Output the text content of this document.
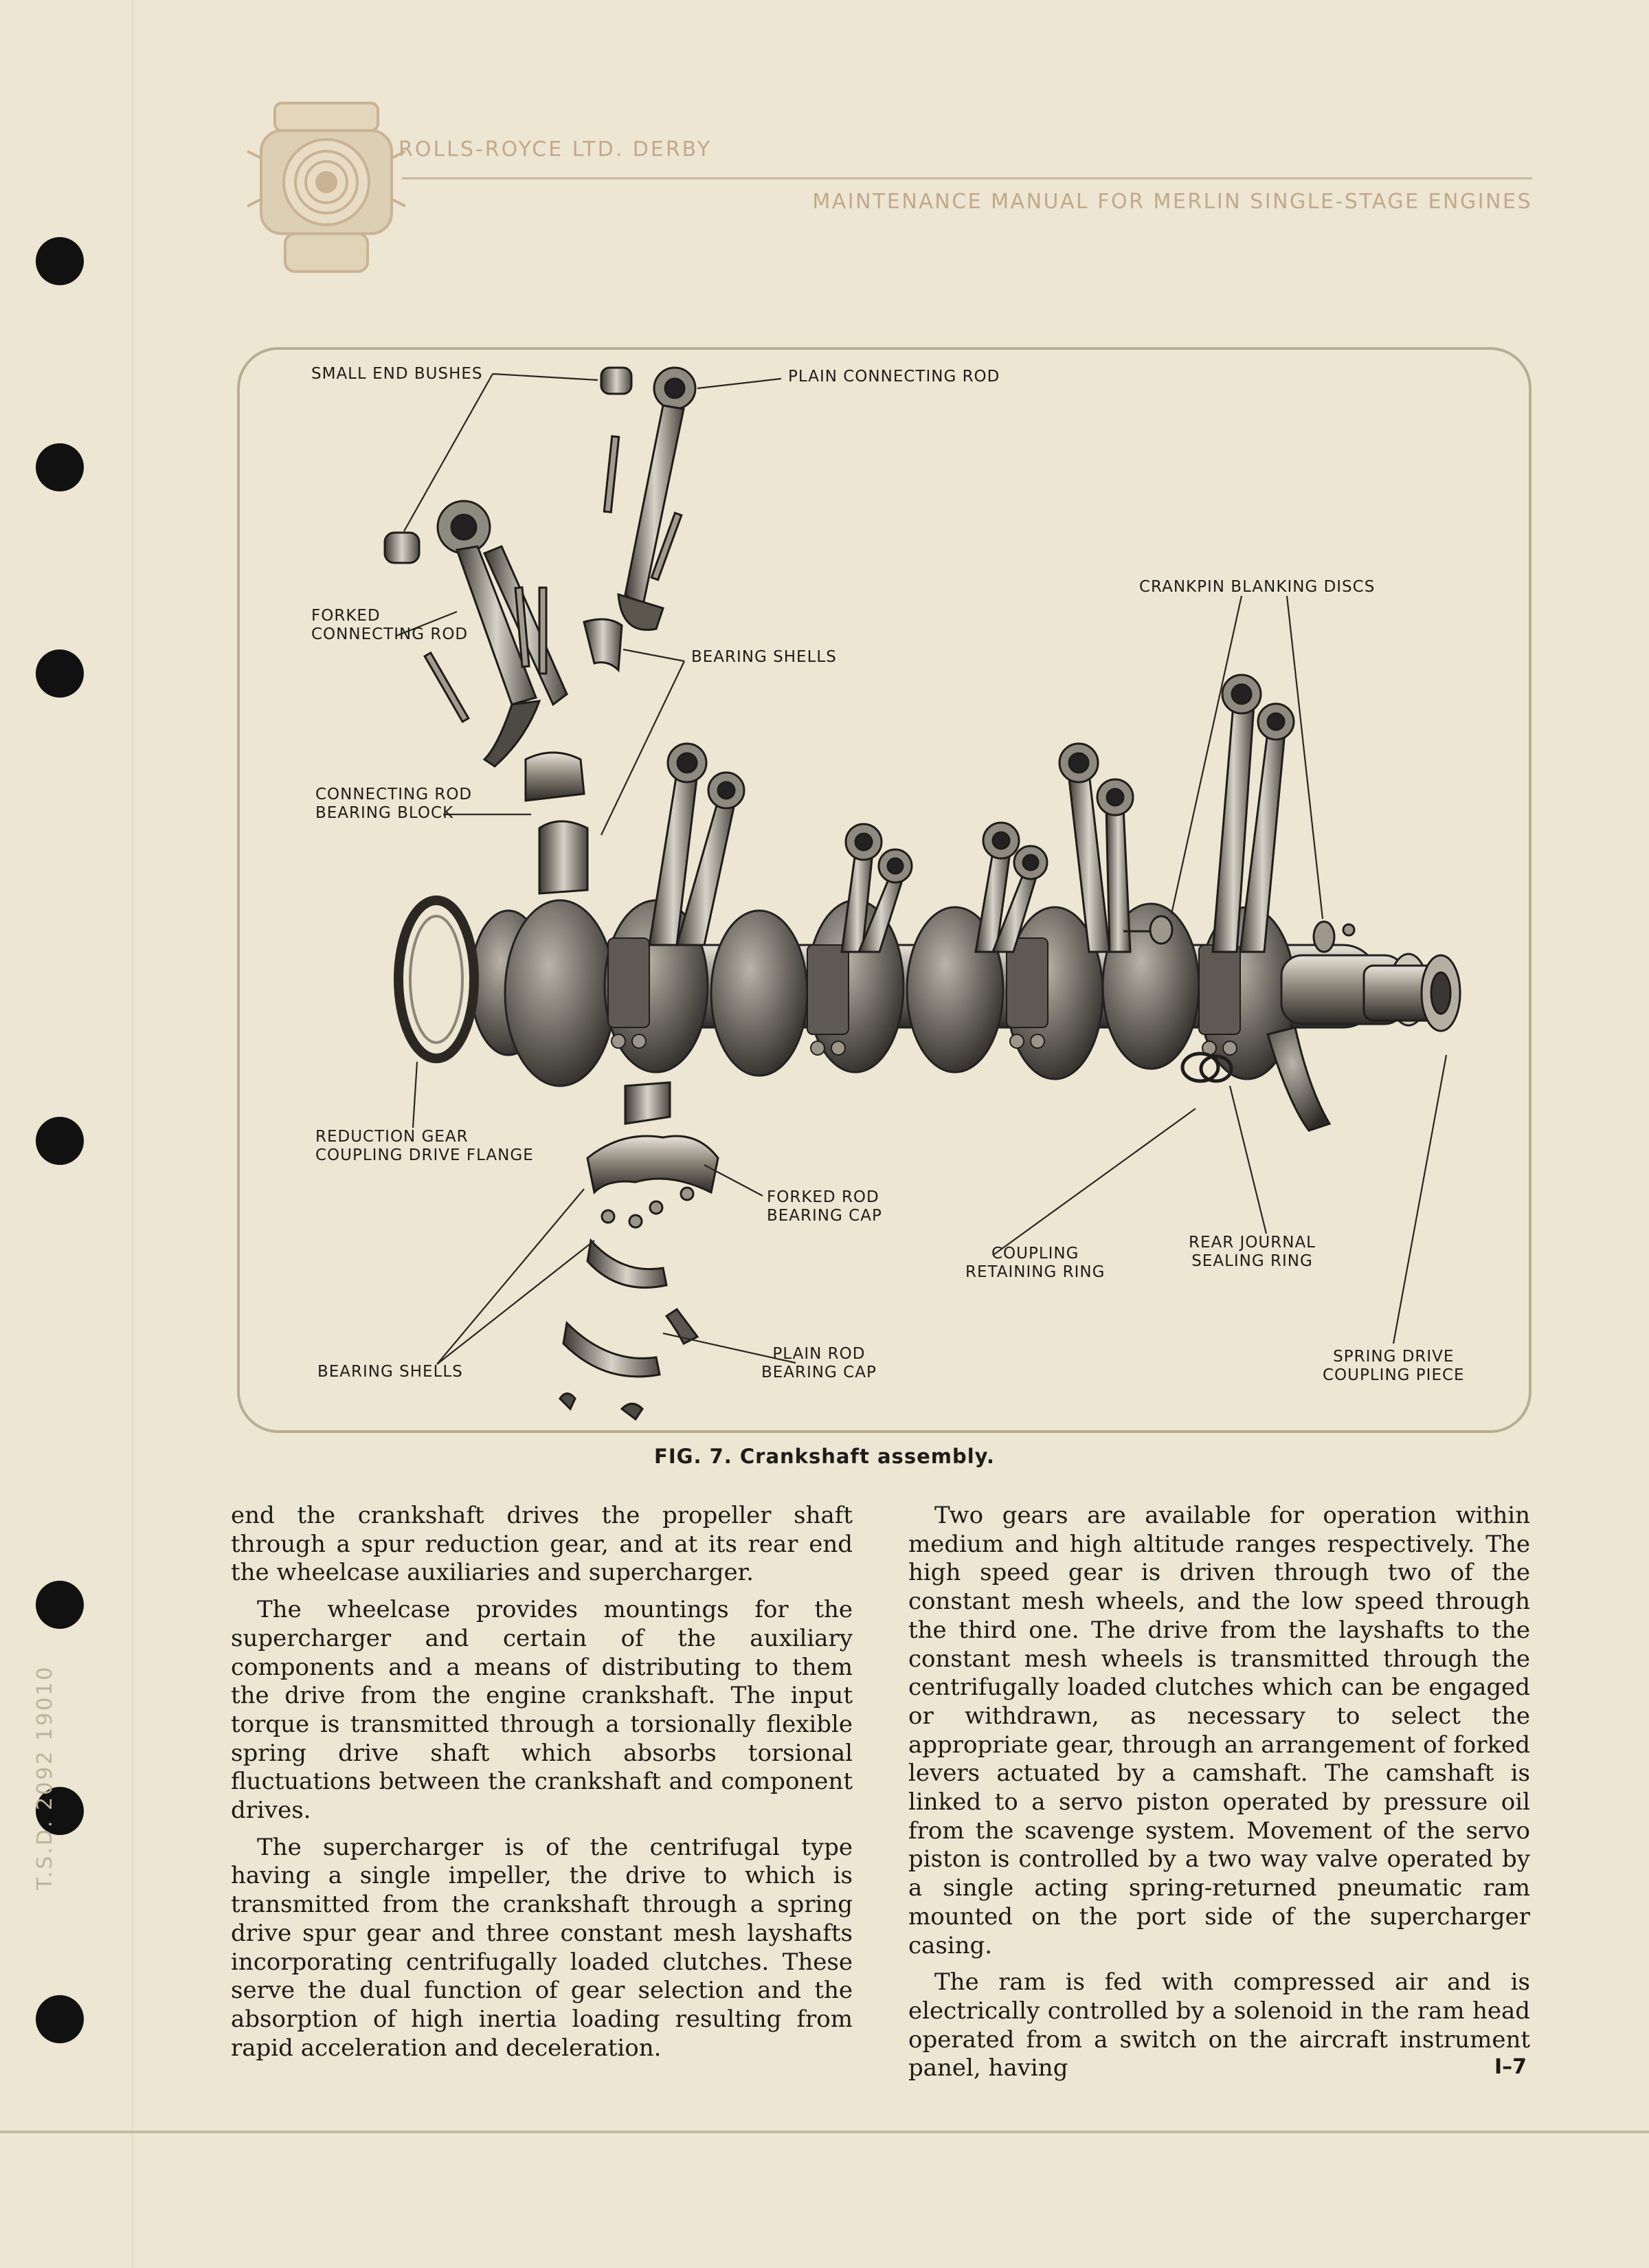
T.S.D. 2092 19010
ROLLS-ROYCE LTD. DERBY
MAINTENANCE MANUAL FOR MERLIN SINGLE-STAGE ENGINES
SMALL END BUSHES	PLAIN CONNECTING ROD
FORKED
CONNECTING ROD
BEARING SHELLS
CRANKPIN BLANKING DISCS
CONNECTING ROD
BEARING BLOCK
REDUCTION GEAR
COUPLING DRIVE FLANGE
FORKED ROD
BEARING CAP
COUPLING
RETAINING RING
REAR JOURNAL
SEALING RING
BEARING SHELLS
PLAIN ROD
BEARING CAP
SPRING DRIVE
COUPLING PIECE
FIG. 7. Crankshaft assembly.

end the crankshaft drives the propeller shaft through a spur reduction gear, and at its rear end the wheelcase auxiliaries and supercharger.

The wheelcase provides mountings for the supercharger and certain of the auxiliary components and a means of distributing to them the drive from the engine crankshaft. The input torque is transmitted through a torsionally flexible spring drive shaft which absorbs torsional fluctuations between the crankshaft and component drives.

The supercharger is of the centrifugal type having a single impeller, the drive to which is transmitted from the crankshaft through a spring drive spur gear and three constant mesh layshafts incorporating centrifugally loaded clutches. These serve the dual function of gear selection and the absorption of high inertia loading resulting from rapid acceleration and deceleration.

Two gears are available for operation within medium and high altitude ranges respectively. The high speed gear is driven through two of the constant mesh wheels, and the low speed through the third one. The drive from the layshafts to the constant mesh wheels is transmitted through the centrifugally loaded clutches which can be engaged or withdrawn, as necessary to select the appropriate gear, through an arrangement of forked levers actuated by a camshaft. The camshaft is linked to a servo piston operated by pressure oil from the scavenge system. Movement of the servo piston is controlled by a two way valve operated by a single acting spring-returned pneumatic ram mounted on the port side of the supercharger casing.

The ram is fed with compressed air and is electrically controlled by a solenoid in the ram head operated from a switch on the aircraft instrument panel, having	I–7
